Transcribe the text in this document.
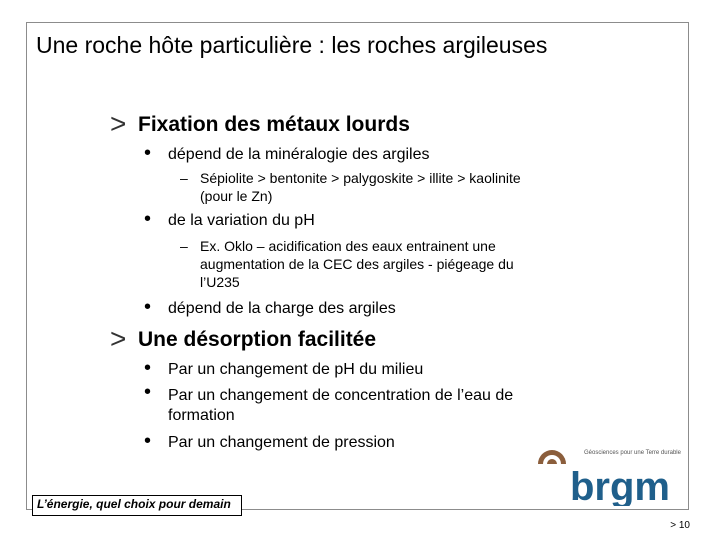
Une roche hôte particulière : les roches argileuses
> Fixation des métaux lourds
• dépend de la minéralogie des argiles
– Sépiolite > bentonite > palygoskite > illite > kaolinite
(pour le Zn)
• de la variation du pH
– Ex. Oklo – acidification des eaux entrainent une
augmentation de la CEC des argiles - piégeage du
l’U235
• dépend de la charge des argiles
> Une désorption facilitée
• Par un changement de pH du milieu
• Par un changement de concentration de l’eau de
formation
• Par un changement de pression
brgm
Géosciences pour une Terre durable
L’énergie, quel choix pour demain
> 10
